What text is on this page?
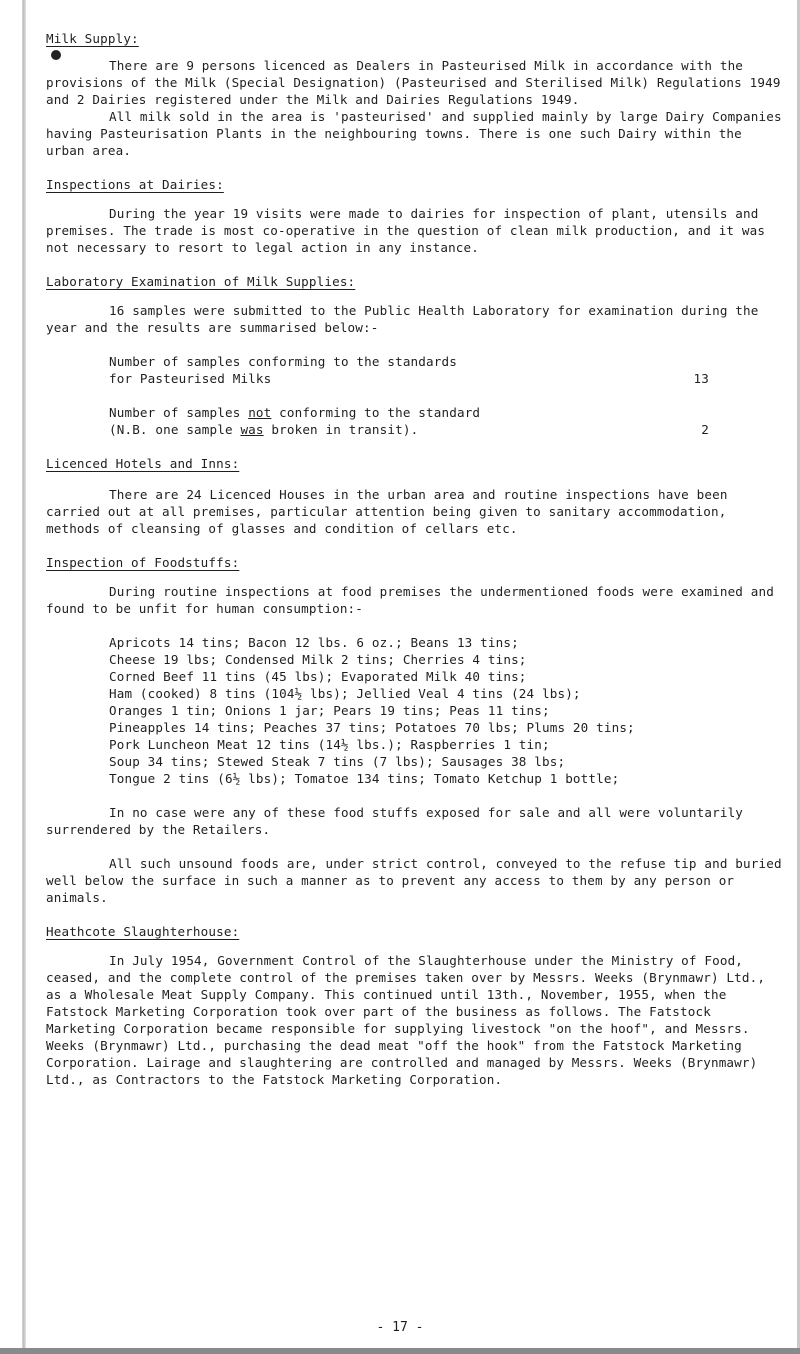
Milk Supply:

There are 9 persons licenced as Dealers in Pasteurised Milk in accordance with the provisions of the Milk (Special Designation) (Pasteurised and Sterilised Milk) Regulations 1949 and 2 Dairies registered under the Milk and Dairies Regulations 1949.

All milk sold in the area is 'pasteurised' and supplied mainly by large Dairy Companies having Pasteurisation Plants in the neighbouring towns. There is one such Dairy within the urban area.

Inspections at Dairies:

During the year 19 visits were made to dairies for inspection of plant, utensils and premises. The trade is most co-operative in the question of clean milk production, and it was not necessary to resort to legal action in any instance.

Laboratory Examination of Milk Supplies:

16 samples were submitted to the Public Health Laboratory for examination during the year and the results are summarised below:-

Number of samples conforming to the standards

for Pasteurised Milks	13

Number of samples not conforming to the standard

(N.B. one sample was broken in transit).	2

Licenced Hotels and Inns:

There are 24 Licenced Houses in the urban area and routine inspections have been carried out at all premises, particular attention being given to sanitary accommodation, methods of cleansing of glasses and condition of cellars etc.

Inspection of Foodstuffs:

During routine inspections at food premises the undermentioned foods were examined and found to be unfit for human consumption:-

Apricots 14 tins; Bacon 12 lbs. 6 oz.; Beans 13 tins;

Cheese 19 lbs; Condensed Milk 2 tins; Cherries 4 tins;

Corned Beef 11 tins (45 lbs); Evaporated Milk 40 tins;

Ham (cooked) 8 tins (104½ lbs); Jellied Veal 4 tins (24 lbs);

Oranges 1 tin; Onions 1 jar; Pears 19 tins; Peas 11 tins;

Pineapples 14 tins; Peaches 37 tins; Potatoes 70 lbs; Plums 20 tins;

Pork Luncheon Meat 12 tins (14½ lbs.); Raspberries 1 tin;

Soup 34 tins; Stewed Steak 7 tins (7 lbs); Sausages 38 lbs;

Tongue 2 tins (6½ lbs); Tomatoe 134 tins; Tomato Ketchup 1 bottle;

In no case were any of these food stuffs exposed for sale and all were voluntarily surrendered by the Retailers.

All such unsound foods are, under strict control, conveyed to the refuse tip and buried well below the surface in such a manner as to prevent any access to them by any person or animals.

Heathcote Slaughterhouse:

In July 1954, Government Control of the Slaughterhouse under the Ministry of Food, ceased, and the complete control of the premises taken over by Messrs. Weeks (Brynmawr) Ltd., as a Wholesale Meat Supply Company. This continued until 13th., November, 1955, when the Fatstock Marketing Corporation took over part of the business as follows. The Fatstock Marketing Corporation became responsible for supplying livestock "on the hoof", and Messrs. Weeks (Brynmawr) Ltd., purchasing the dead meat "off the hook" from the Fatstock Marketing Corporation. Lairage and slaughtering are controlled and managed by Messrs. Weeks (Brynmawr) Ltd., as Contractors to the Fatstock Marketing Corporation.

- 17 -
